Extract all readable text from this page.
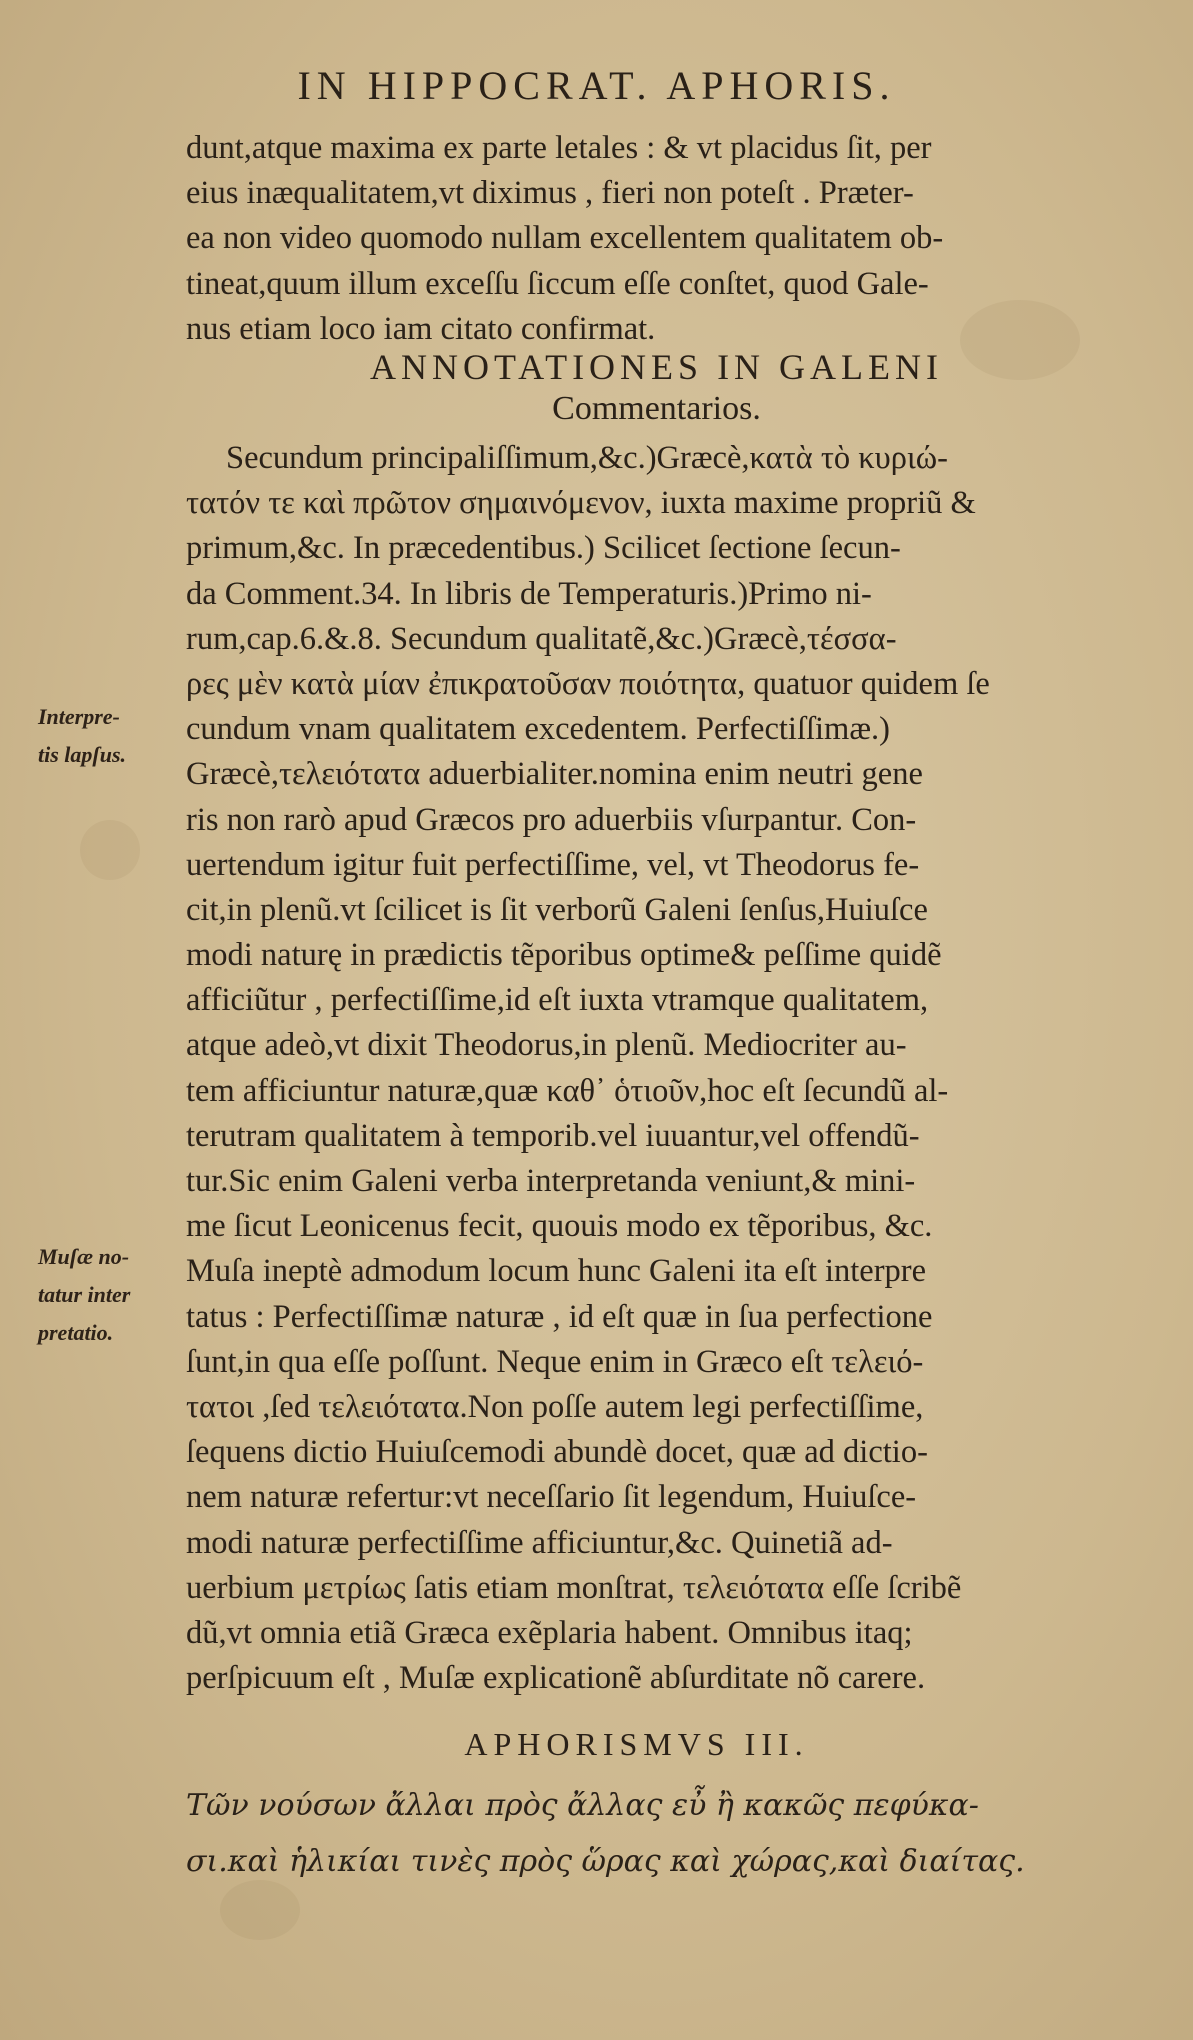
IN HIPPOCRAT. APHORIS.
dunt,atque maxima ex parte letales : & vt placidus ſit, per
eius inæqualitatem,vt diximus , fieri non poteſt . Præter-
ea non video quomodo nullam excellentem qualitatem ob-
tineat,quum illum exceſſu ſiccum eſſe conſtet, quod Gale-
nus etiam loco iam citato confirmat.
ANNOTATIONES IN GALENI
Commentarios.
Secundum principaliſſimum,&c.)Græcè,κατὰ τὸ κυριώ-
τατόν τε καὶ πρῶτον σημαινόμενον, iuxta maxime propriũ &
primum,&c. In præcedentibus.) Scilicet ſectione ſecun-
da Comment.34. In libris de Temperaturis.)Primo ni-
rum,cap.6.&.8. Secundum qualitatẽ,&c.)Græcè,τέσσα-
ρες μὲν κατὰ μίαν ἐπικρατοῦσαν ποιότητα, quatuor quidem ſe
cundum vnam qualitatem excedentem. Perfectiſſimæ.)
Græcè,τελειότατα aduerbialiter.nomina enim neutri gene
ris non rarò apud Græcos pro aduerbiis vſurpantur. Con-
uertendum igitur fuit perfectiſſime, vel, vt Theodorus fe-
cit,in plenũ.vt ſcilicet is ſit verborũ Galeni ſenſus,Huiuſce
modi naturę in prædictis tẽporibus optime& peſſime quidẽ
afficiũtur , perfectiſſime,id eſt iuxta vtramque qualitatem,
atque adeò,vt dixit Theodorus,in plenũ. Mediocriter au-
tem afficiuntur naturæ,quæ καθ᾽ ὁτιοῦν,hoc eſt ſecundũ al-
terutram qualitatem à temporib.vel iuuantur,vel offendũ-
tur.Sic enim Galeni verba interpretanda veniunt,& mini-
me ſicut Leonicenus fecit, quouis modo ex tẽporibus, &c.
Muſa ineptè admodum locum hunc Galeni ita eſt interpre
tatus : Perfectiſſimæ naturæ , id eſt quæ in ſua perfectione
ſunt,in qua eſſe poſſunt. Neque enim in Græco eſt τελειό-
τατοι ,ſed τελειότατα.Non poſſe autem legi perfectiſſime,
ſequens dictio Huiuſcemodi abundè docet, quæ ad dictio-
nem naturæ refertur:vt neceſſario ſit legendum, Huiuſce-
modi naturæ perfectiſſime afficiuntur,&c. Quinetiã ad-
uerbium μετρίως ſatis etiam monſtrat, τελειότατα eſſe ſcribẽ
dũ,vt omnia etiã Græca exẽplaria habent. Omnibus itaq;
perſpicuum eſt , Muſæ explicationẽ abſurditate nõ carere.
Interpre-
tis lapſus.
Muſæ no-
tatur inter
pretatio.
APHORISMVS III.
Τῶν νούσων ἄλλαι πρὸς ἄλλας εὖ ἢ κακῶς πεφύκα-
σι.καὶ ἡλικίαι τινὲς πρὸς ὥρας καὶ χώρας,καὶ διαίτας.
